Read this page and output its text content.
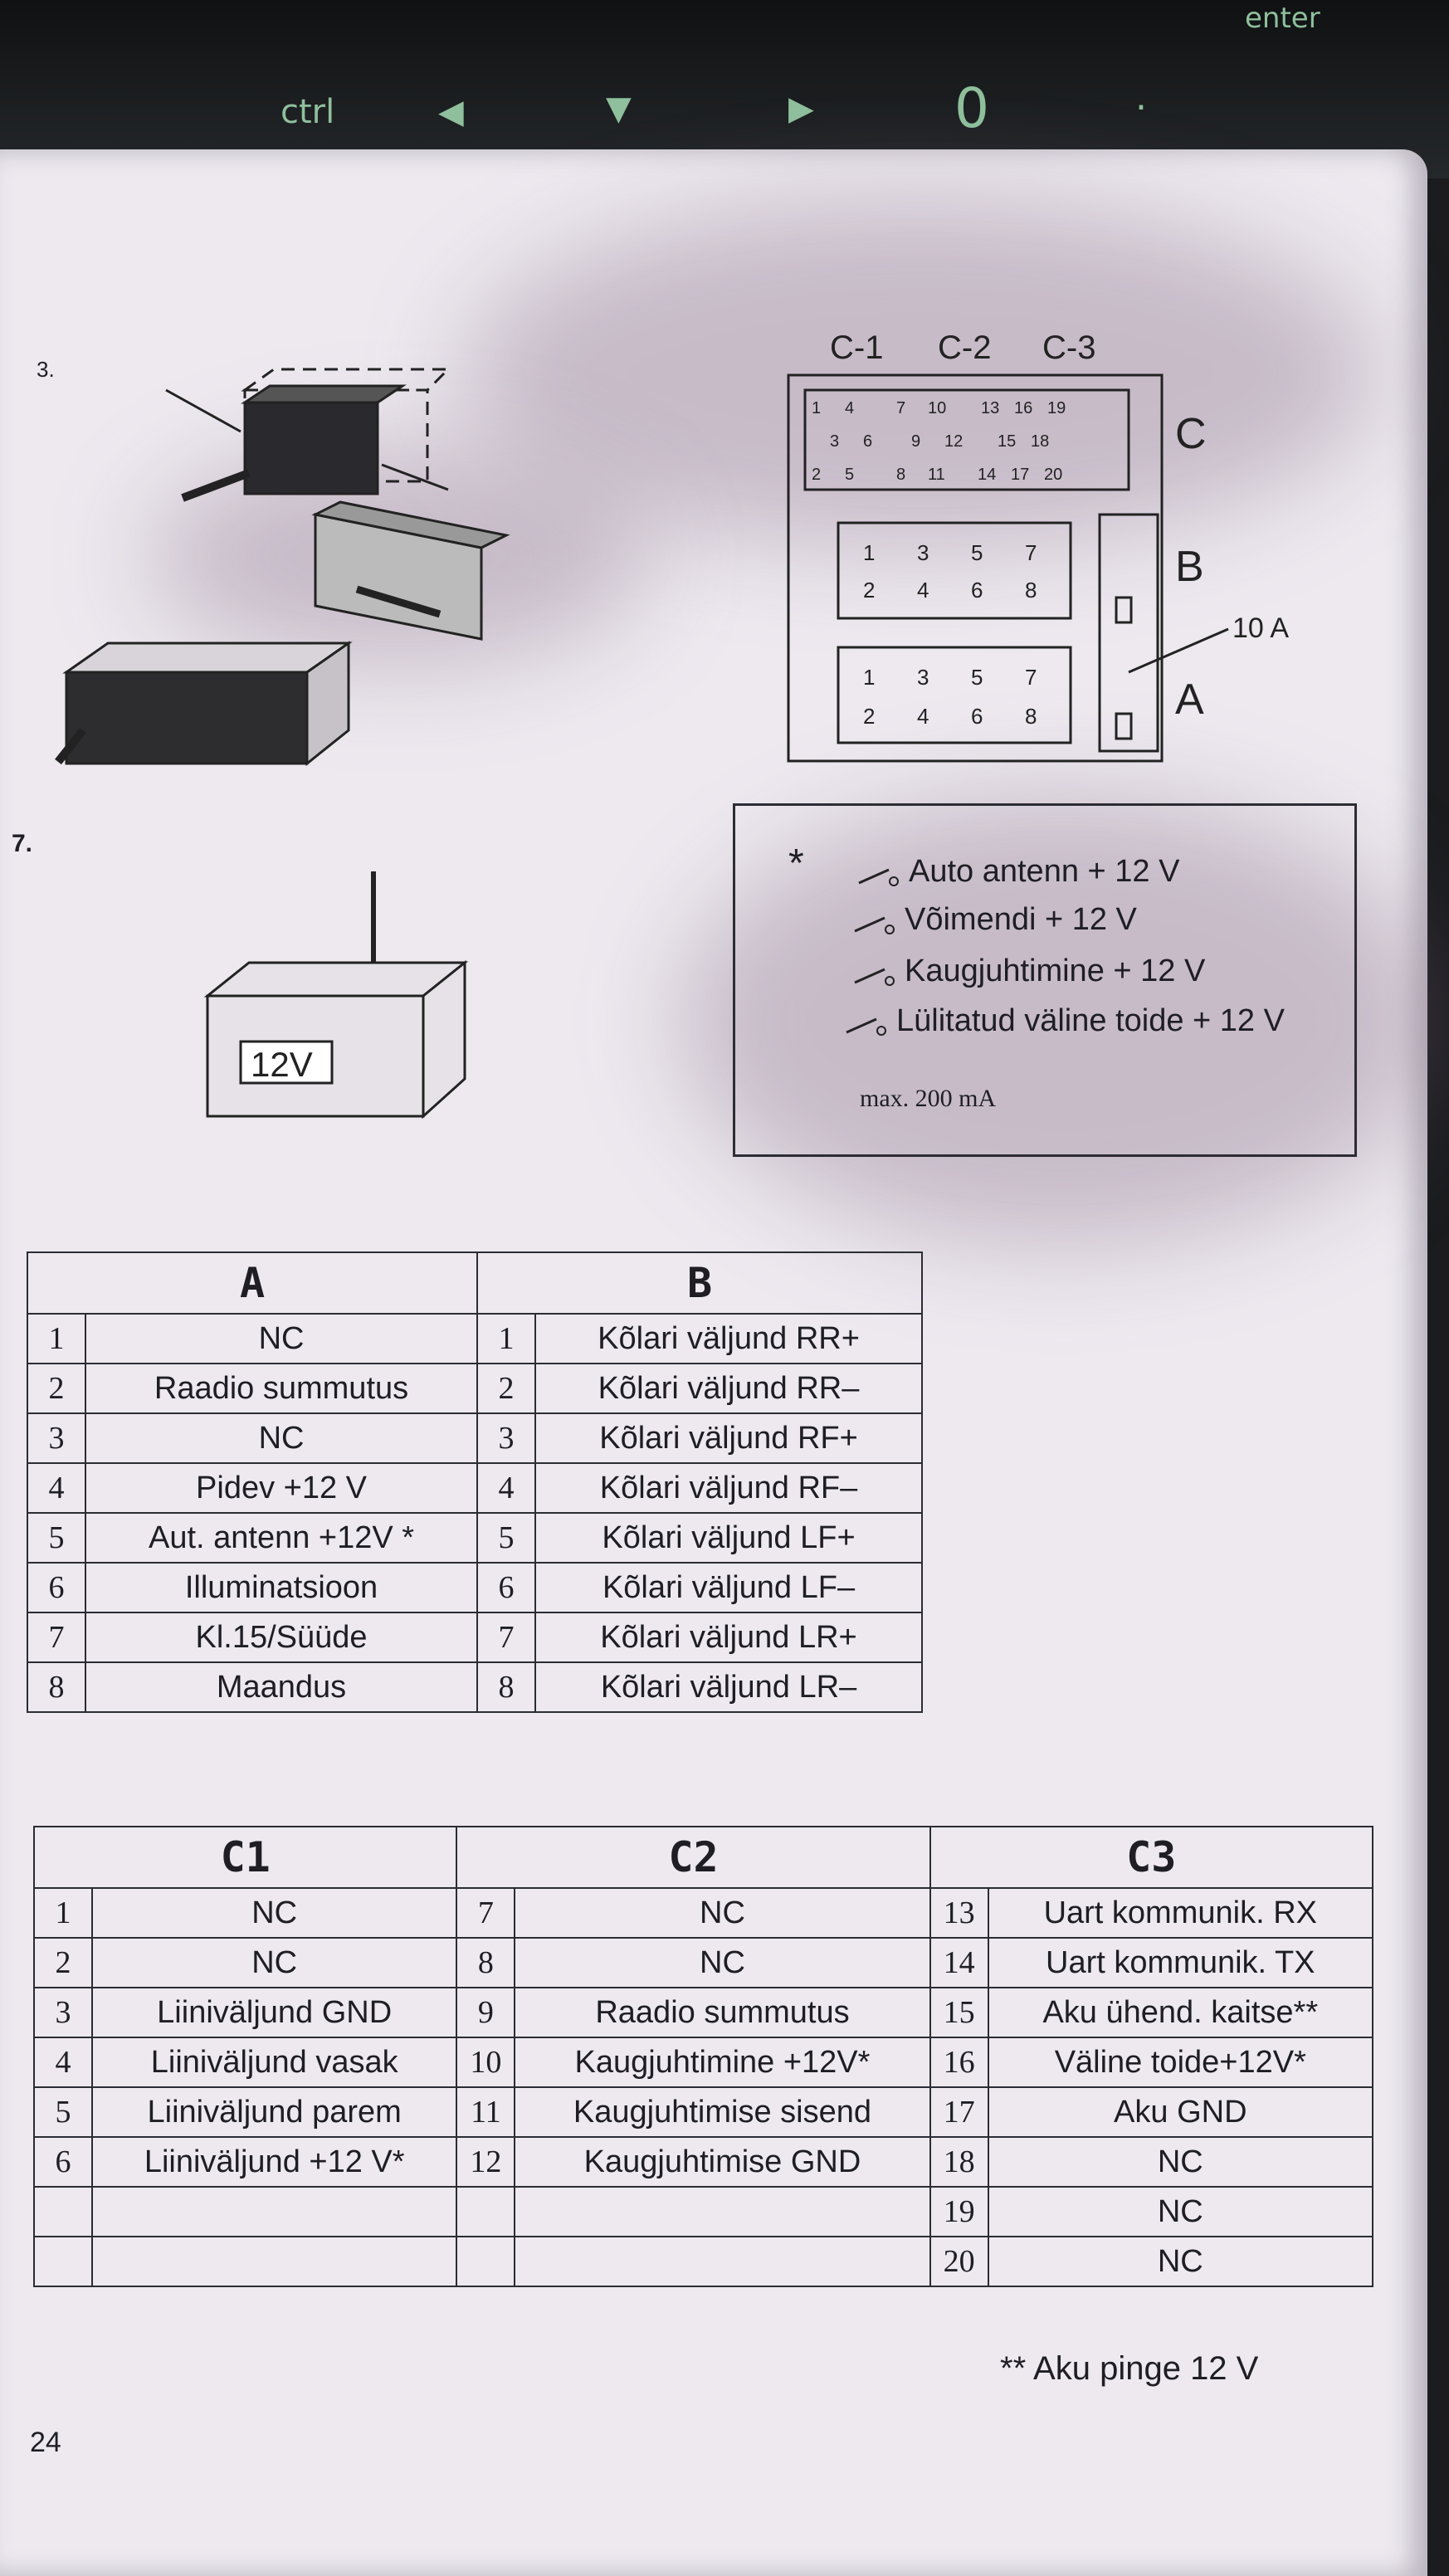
enter
ctrl	◀	▼	▶	0	.
3.
C-1 C-2 C-3
C
B
A
10 A
1 4	7 10 13 16 19
3 6 9 12 15 18
2 5	8 11 14 17 20
1 3 5 7
2 4 6 8
1 3 5 7
2 4 6 8
7.
12V
*	Auto antenn + 12 V
Võimendi + 12 V
Kaugjuhtimine + 12 V
Lülitatud väline toide + 12 V
max. 200 mA
A		B	
1	NC	1	Kõlari väljund RR+
2	Raadio summutus	2	Kõlari väljund RR–
3	NC	3	Kõlari väljund RF+
4	Pidev +12 V	4	Kõlari väljund RF–
5	Aut. antenn +12V *	5	Kõlari väljund LF+
6	Illuminatsioon	6	Kõlari väljund LF–
7	Kl.15/Süüde	7	Kõlari väljund LR+
8	Maandus	8	Kõlari väljund LR–
C1		C2		C3	
1	NC	7	NC	13	Uart kommunik. RX
2	NC	8	NC	14	Uart kommunik. TX
3	Liiniväljund GND	9	Raadio summutus	15	Aku ühend. kaitse**
4	Liiniväljund vasak	10	Kaugjuhtimine +12V*	16	Väline toide+12V*
5	Liiniväljund parem	11	Kaugjuhtimise sisend	17	Aku GND
6	Liiniväljund +12 V*	12	Kaugjuhtimise GND	18	NC
				19	NC
				20	NC
** Aku pinge 12 V
24
